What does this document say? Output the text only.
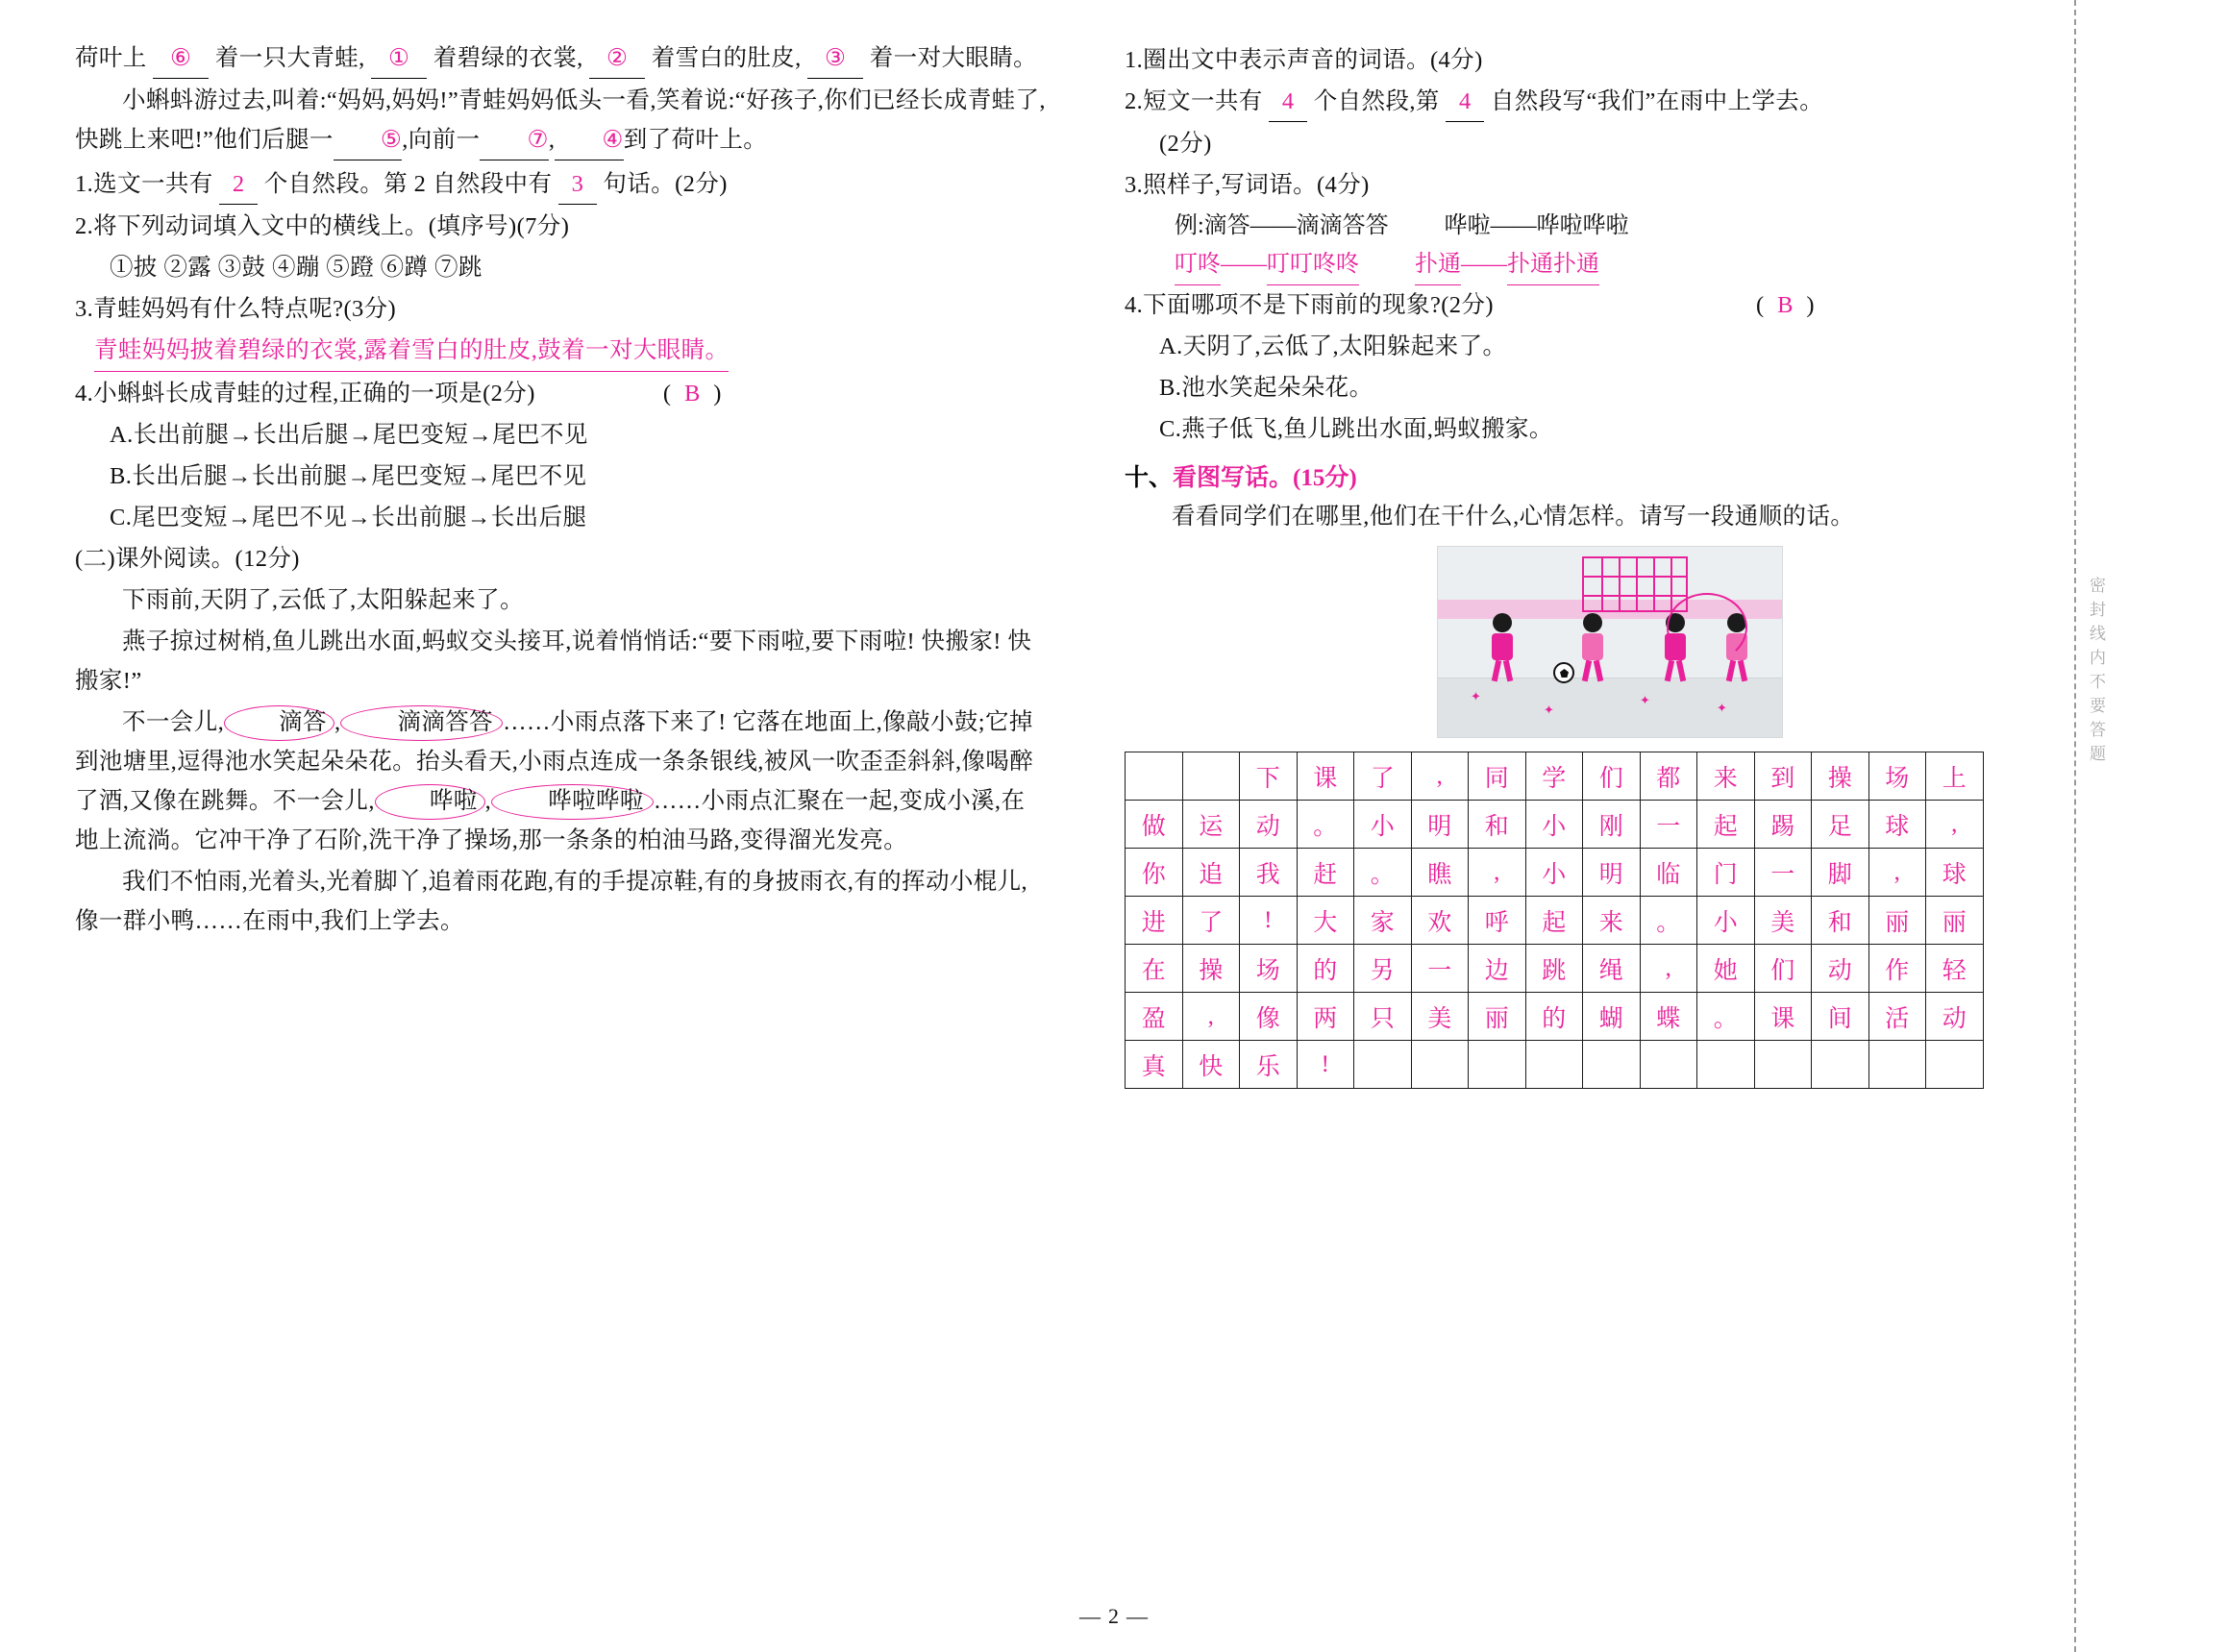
荷叶上 ⑥ 着一只大青蛙, ① 着碧绿的衣裳, ② 着雪白的肚皮, ③ 着一对大眼睛。
小蝌蚪游过去,叫着:“妈妈,妈妈!”青蛙妈妈低头一看,笑着说:“好孩子,你们已经长成青蛙了,快跳上来吧!”他们后腿一 ⑤,向前一 ⑦, ④到了荷叶上。
1.选文一共有 2 个自然段。第 2 自然段中有 3 句话。(2分)
2.将下列动词填入文中的横线上。(填序号)(7分)
①披 ②露 ③鼓 ④蹦 ⑤蹬 ⑥蹲 ⑦跳
3.青蛙妈妈有什么特点呢?(3分)
青蛙妈妈披着碧绿的衣裳,露着雪白的肚皮,鼓着一对大眼睛。
4.小蝌蚪长成青蛙的过程,正确的一项是(2分)	( B )
A.长出前腿→长出后腿→尾巴变短→尾巴不见
B.长出后腿→长出前腿→尾巴变短→尾巴不见
C.尾巴变短→尾巴不见→长出前腿→长出后腿
(二)课外阅读。(12分)
下雨前,天阴了,云低了,太阳躲起来了。
燕子掠过树梢,鱼儿跳出水面,蚂蚁交头接耳,说着悄悄话:“要下雨啦,要下雨啦! 快搬家! 快搬家!”
不一会儿, 滴答 , 滴滴答答 ……小雨点落下来了! 它落在地面上,像敲小鼓;它掉到池塘里,逗得池水笑起朵朵花。抬头看天,小雨点连成一条条银线,被风一吹歪歪斜斜,像喝醉了酒,又像在跳舞。不一会儿, 哗啦 , 哗啦哗啦 ……小雨点汇聚在一起,变成小溪,在地上流淌。它冲干净了石阶,洗干净了操场,那一条条的柏油马路,变得溜光发亮。
我们不怕雨,光着头,光着脚丫,追着雨花跑,有的手提凉鞋,有的身披雨衣,有的挥动小棍儿,像一群小鸭……在雨中,我们上学去。
1.圈出文中表示声音的词语。(4分)
2.短文一共有 4 个自然段,第 4 自然段写“我们”在雨中上学去。
(2分)
3.照样子,写词语。(4分)
例:滴答——滴滴答答 哗啦——哗啦哗啦
叮咚——叮叮咚咚 扑通——扑通扑通
4.下面哪项不是下雨前的现象?(2分)	( B )
A.天阴了,云低了,太阳躲起来了。
B.池水笑起朵朵花。
C.燕子低飞,鱼儿跳出水面,蚂蚁搬家。
十、看图写话。(15分)
看看同学们在哪里,他们在干什么,心情怎样。请写一段通顺的话。
✦
✦
✦
✦
		下	课	了	,	同	学	们	都	来	到	操	场	上
做	运	动	。	小	明	和	小	刚	一	起	踢	足	球	,
你	追	我	赶	。	瞧	,	小	明	临	门	一	脚	,	球
进	了	!	大	家	欢	呼	起	来	。	小	美	和	丽	丽
在	操	场	的	另	一	边	跳	绳	,	她	们	动	作	轻
盈	,	像	两	只	美	丽	的	蝴	蝶	。	课	间	活	动
真	快	乐	!											
密封线内不要答题
— 2 —
